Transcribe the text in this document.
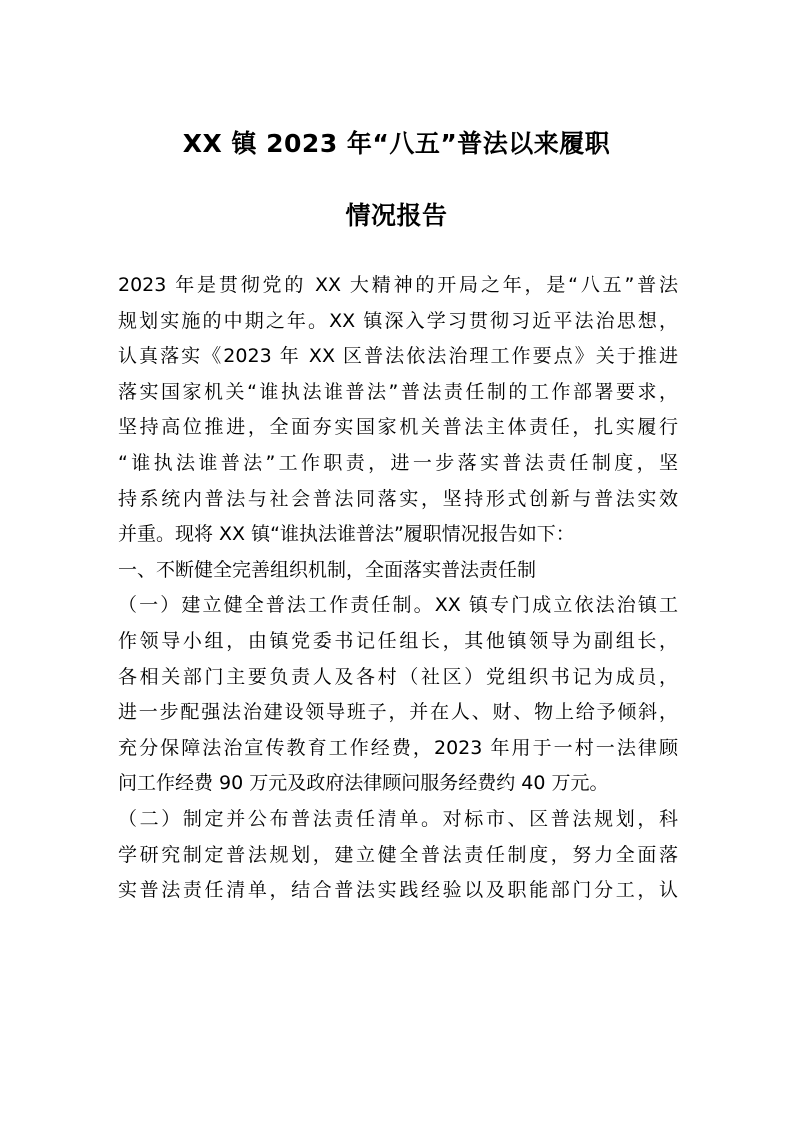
XX 镇 2023 年“八五”普法以来履职
情况报告
2023 年是贯彻党的 XX 大精神的开局之年，是“八五”普法
规划实施的中期之年。XX 镇深入学习贯彻习近平法治思想，
认真落实《2023 年 XX 区普法依法治理工作要点》关于推进
落实国家机关“谁执法谁普法”普法责任制的工作部署要求，
坚持高位推进，全面夯实国家机关普法主体责任，扎实履行
“谁执法谁普法”工作职责，进一步落实普法责任制度，坚
持系统内普法与社会普法同落实，坚持形式创新与普法实效
并重。现将 XX 镇“谁执法谁普法”履职情况报告如下：
一、不断健全完善组织机制，全面落实普法责任制
（一）建立健全普法工作责任制。XX 镇专门成立依法治镇工
作领导小组，由镇党委书记任组长，其他镇领导为副组长，
各相关部门主要负责人及各村（社区）党组织书记为成员，
进一步配强法治建设领导班子，并在人、财、物上给予倾斜，
充分保障法治宣传教育工作经费，2023 年用于一村一法律顾
问工作经费 90 万元及政府法律顾问服务经费约 40 万元。
（二）制定并公布普法责任清单。对标市、区普法规划，科
学研究制定普法规划，建立健全普法责任制度，努力全面落
实普法责任清单，结合普法实践经验以及职能部门分工，认
